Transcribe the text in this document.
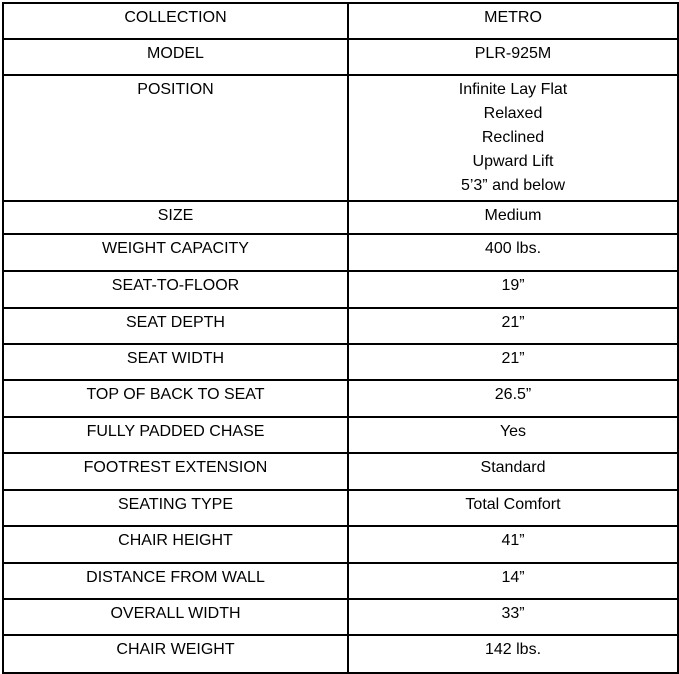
COLLECTION	METRO

MODEL	PLR-925M

POSITION	Infinite Lay Flat
Relaxed
Reclined
Upward Lift
5’3” and below

SIZE	Medium

WEIGHT CAPACITY	400 lbs.

SEAT-TO-FLOOR	19”

SEAT DEPTH	21”

SEAT WIDTH	21”

TOP OF BACK TO SEAT	26.5”

FULLY PADDED CHASE	Yes

FOOTREST EXTENSION	Standard

SEATING TYPE	Total Comfort

CHAIR HEIGHT	41”

DISTANCE FROM WALL	14”

OVERALL WIDTH	33”

CHAIR WEIGHT	142 lbs.
